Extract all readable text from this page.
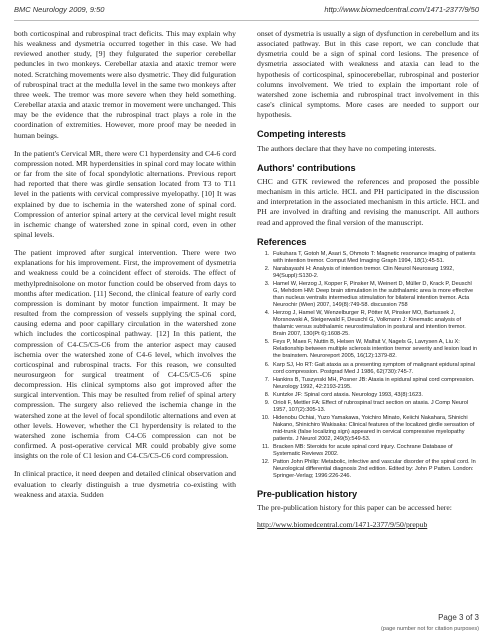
BMC Neurology 2009, 9:50	http://www.biomedcentral.com/1471-2377/9/50

both corticospinal and rubrospinal tract deficits. This may explain why his weakness and dysmetria occurred together in this case. We had reviewed another study, [9] they fulgurated the superior cerebellar peduncles in two monkeys. Cerebellar ataxia and ataxic tremor were noted. Scratching movements were also dysmetric. They did fulguration of rubrospinal tract at the medulla level in the same two monkeys after three week. The tremor was more severe when they held something. Cerebellar ataxia and ataxic tremor in movement were unchanged. This may be the evidence that the rubrospinal tract plays a role in the coordination of extremities. However, more proof may be needed in human beings.

In the patient's Cervical MR, there were C1 hyperdensity and C4-6 cord compression noted. MR hyperdensities in spinal cord may locate within or far from the site of focal spondylotic alternations. Previous report had reported that there was girdle sensation located from T3 to T11 level in the patients with cervical compressive myelopathy. [10] It was explained by due to ischemia in the watershed zone of spinal cord. Compression of anterior spinal artery at the cervical level might result in ischemic change of watershed zone in spinal cord, even in other spinal levels.

The patient improved after surgical intervention. There were two explanations for his improvement. First, the improvement of dysmetria and weakness could be a coincident effect of steroids. The effect of methylprednisolone on motor function could be observed from days to months after medication. [11] Second, the clinical feature of early cord compression is dominant by motor function impairment. It may be resulted from the compression of vessels supplying the spinal cord, causing edema and poor capillary circulation in the watershed zone which includes the corticospinal pathway. [12] In this patient, the compression of C4-C5/C5-C6 from the anterior aspect may caused ischemia over the watershed zone of C4-6 level, which involves the corticospinal and rubrospinal tracts. For this reason, we consulted neurosurgeon for surgical treatment of C4-C5/C5-C6 spine decompression. His clinical symptoms also got improved after the surgical intervention. This may be resulted from relief of spinal artery compression. The surgery also relieved the ischemia change in the watershed zone at the level of focal spondilotic alternations and even at other levels. However, whether the C1 hyperdensity is related to the watershed zone ischemia from C4-C6 compression can not be confirmed. A post-operative cervical MR could probably give some insights on the role of C1 lesion and C4-C5/C5-C6 cord compression.

In clinical practice, it need deepen and detailed clinical observation and evaluation to clearly distinguish a true dysmetria co-existing with weakness and ataxia. Sudden

onset of dysmetria is usually a sign of dysfunction in cerebellum and its associated pathway. But in this case report, we can conclude that dysmetria could be a sign of spinal cord lesions. The presence of dysmetria associated with weakness and ataxia can lead to the hypothesis of corticospinal, spinocerebellar, rubrospinal and posterior columns involvement. We tried to explain the important role of watershed zone ischemia and rubrospinal tract involvement in this case's clinical symptoms. More cases are needed to support our hypothesis.

Competing interests

The authors declare that they have no competing interests.

Authors' contributions

CHC and GTK reviewed the references and proposed the possible mechanism in this article. HCL and PH participated in the discussion and interpretation in the associated mechanism in this article. HCL and PH are involved in drafting and revising the manuscript. All authors read and approved the final version of the manuscript.

References
1. Fukuhara T, Gotoh M, Asari S, Ohmoto T: Magnetic resonance imaging of patients with intention tremor. Comput Med Imaging Graph 1994, 18(1):45-51.
2. Narabayashi H: Analysis of intention tremor. Clin Neurol Neurosurg 1992, 94(Suppl):S130-2.
3. Hamel W, Herzog J, Kopper F, Pinsker M, Weinert D, Müller D, Krack P, Deuschl G, Mehdorn HM: Deep brain stimulation in the subthalamic area is more effective than nucleus ventralis intermedius stimulation for bilateral intention tremor. Acta Neurochir (Wien) 2007, 149(8):749-58. discussion 758
4. Herzog J, Hamel W, Wenzelburger R, Pötter M, Pinsker MO, Bartussek J, Morsnowski A, Steigerwald F, Deuschl G, Volkmann J: Kinematic analysis of thalamic versus subthalamic neurostimulation in postural and intention tremor. Brain 2007, 130(Pt 6):1608-25.
5. Feys P, Maes F, Nuttin B, Helsen W, Malfait V, Nagels G, Lavrysen A, Liu X: Relationship between multiple sclerosis intention tremor severity and lesion load in the brainstem. Neuroreport 2005, 16(12):1379-82.
6. Karp SJ, Ho RT: Gait ataxia as a presenting symptom of malignant epidural spinal cord compression. Postgrad Med J 1986, 62(730):745-7.
7. Hankins B, Tuszynski MH, Posner JB: Ataxia in epidural spinal cord compression. Neurology 1992, 42:2193-2195.
8. Kuntzke JF: Spinal cord ataxia. Neurology 1993, 43(8):1623.
9. Orioli F, Mettler FA: Effect of rubrospinal tract section on ataxia. J Comp Neurol 1957, 107(2):305-13.
10. Hidenobu Ochiai, Yuzo Yamakawa, Yoichiro Minato, Keiichi Nakahara, Shinichi Nakano, Shinichiro Wakisaka: Clinical features of the localized girdle sensation of mid-trunk (false localizing sign) appeared in cervical compressive myelopathy patients. J Neurol 2002, 249(5):549-53.
11. Bracken MB: Steroids for acute spinal cord injury. Cochrane Database of Systematic Reviews 2002.
12. Patton John Philip: Metabolic, infective and vascular disorder of the spinal cord. In Neurological differential diagnosis 2nd edition. Edited by: John P Patten. London: Springer-Verlag; 1996:226-246.
Pre-publication history

The pre-publication history for this paper can be accessed here:

http://www.biomedcentral.com/1471-2377/9/50/prepub
Page 3 of 3
(page number not for citation purposes)
